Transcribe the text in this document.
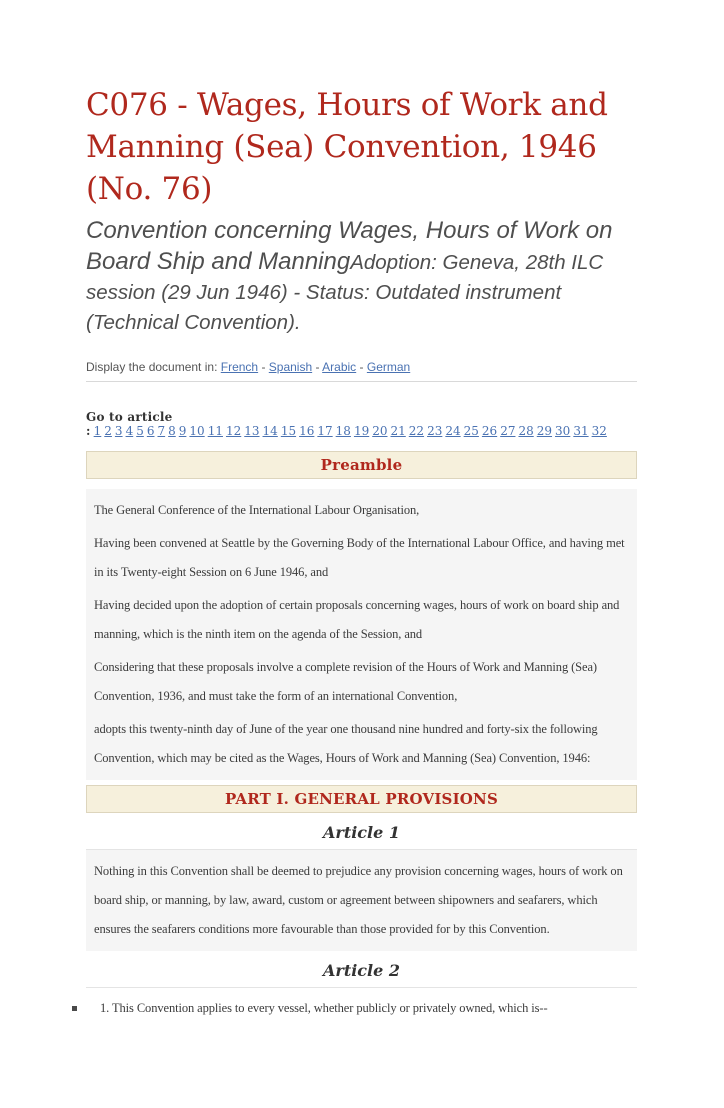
C076 - Wages, Hours of Work and Manning (Sea) Convention, 1946 (No. 76)

Convention concerning Wages, Hours of Work on Board Ship and ManningAdoption: Geneva, 28th ILC session (29 Jun 1946) - Status: Outdated instrument (Technical Convention).

Display the document in: French - Spanish - Arabic - German
Go to article : 1 2 3 4 5 6 7 8 9 10 11 12 13 14 15 16 17 18 19 20 21 22 23 24 25 26 27 28 29 30 31 32
Preamble

The General Conference of the International Labour Organisation,

Having been convened at Seattle by the Governing Body of the International Labour Office, and having met in its Twenty-eight Session on 6 June 1946, and

Having decided upon the adoption of certain proposals concerning wages, hours of work on board ship and manning, which is the ninth item on the agenda of the Session, and

Considering that these proposals involve a complete revision of the Hours of Work and Manning (Sea) Convention, 1936, and must take the form of an international Convention,

adopts this twenty-ninth day of June of the year one thousand nine hundred and forty-six the following Convention, which may be cited as the Wages, Hours of Work and Manning (Sea) Convention, 1946:

PART I. GENERAL PROVISIONS
Article 1

Nothing in this Convention shall be deemed to prejudice any provision concerning wages, hours of work on board ship, or manning, by law, award, custom or agreement between shipowners and seafarers, which ensures the seafarers conditions more favourable than those provided for by this Convention.

Article 2
1. This Convention applies to every vessel, whether publicly or privately owned, which is--
